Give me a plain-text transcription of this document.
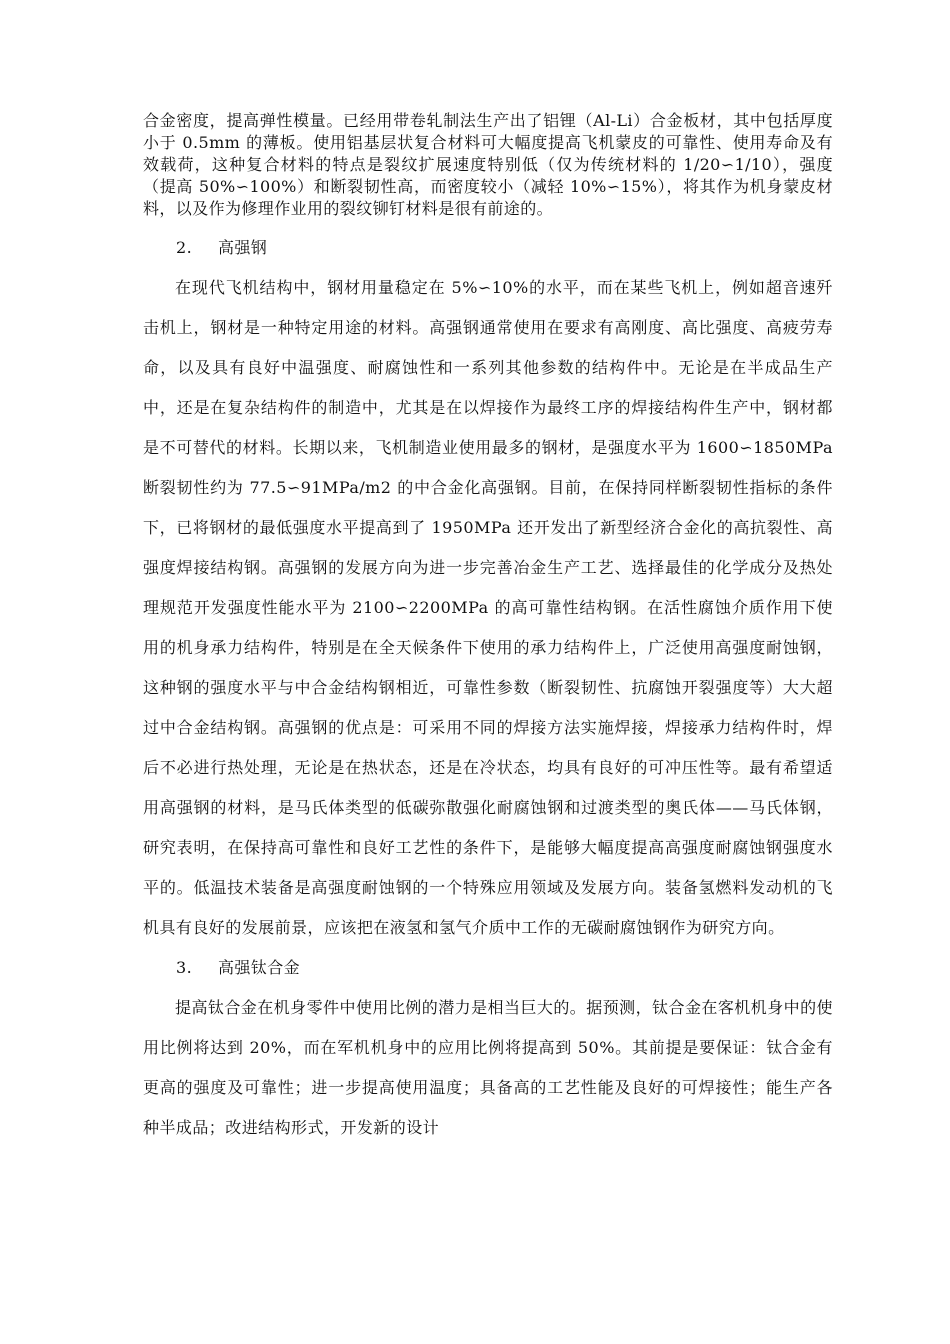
合金密度，提高弹性模量。已经用带卷轧制法生产出了铝锂（Al-Li）合金板材，其中包括厚度小于 0.5mm 的薄板。使用铝基层状复合材料可大幅度提高飞机蒙皮的可靠性、使用寿命及有效载荷，这种复合材料的特点是裂纹扩展速度特别低（仅为传统材料的 1/20∽1/10），强度（提高 50%∽100%）和断裂韧性高，而密度较小（减轻 10%∽15%），将其作为机身蒙皮材料，以及作为修理作业用的裂纹铆钉材料是很有前途的。

2. 高强钢

在现代飞机结构中，钢材用量稳定在 5%∽10%的水平，而在某些飞机上，例如超音速歼击机上，钢材是一种特定用途的材料。高强钢通常使用在要求有高刚度、高比强度、高疲劳寿命，以及具有良好中温强度、耐腐蚀性和一系列其他参数的结构件中。无论是在半成品生产中，还是在复杂结构件的制造中，尤其是在以焊接作为最终工序的焊接结构件生产中，钢材都是不可替代的材料。长期以来，飞机制造业使用最多的钢材，是强度水平为 1600∽1850MPa 断裂韧性约为 77.5∽91MPa/m2 的中合金化高强钢。目前，在保持同样断裂韧性指标的条件下，已将钢材的最低强度水平提高到了 1950MPa 还开发出了新型经济合金化的高抗裂性、高强度焊接结构钢。高强钢的发展方向为进一步完善冶金生产工艺、选择最佳的化学成分及热处理规范开发强度性能水平为 2100∽2200MPa 的高可靠性结构钢。在活性腐蚀介质作用下使用的机身承力结构件，特别是在全天候条件下使用的承力结构件上，广泛使用高强度耐蚀钢，这种钢的强度水平与中合金结构钢相近，可靠性参数（断裂韧性、抗腐蚀开裂强度等）大大超过中合金结构钢。高强钢的优点是：可采用不同的焊接方法实施焊接，焊接承力结构件时，焊后不必进行热处理，无论是在热状态，还是在冷状态，均具有良好的可冲压性等。最有希望适用高强钢的材料，是马氏体类型的低碳弥散强化耐腐蚀钢和过渡类型的奥氏体——马氏体钢，研究表明，在保持高可靠性和良好工艺性的条件下，是能够大幅度提高高强度耐腐蚀钢强度水平的。低温技术装备是高强度耐蚀钢的一个特殊应用领域及发展方向。装备氢燃料发动机的飞机具有良好的发展前景，应该把在液氢和氢气介质中工作的无碳耐腐蚀钢作为研究方向。

3. 高强钛合金

提高钛合金在机身零件中使用比例的潜力是相当巨大的。据预测，钛合金在客机机身中的使用比例将达到 20%，而在军机机身中的应用比例将提高到 50%。其前提是要保证：钛合金有更高的强度及可靠性；进一步提高使用温度；具备高的工艺性能及良好的可焊接性；能生产各种半成品；改进结构形式，开发新的设计
